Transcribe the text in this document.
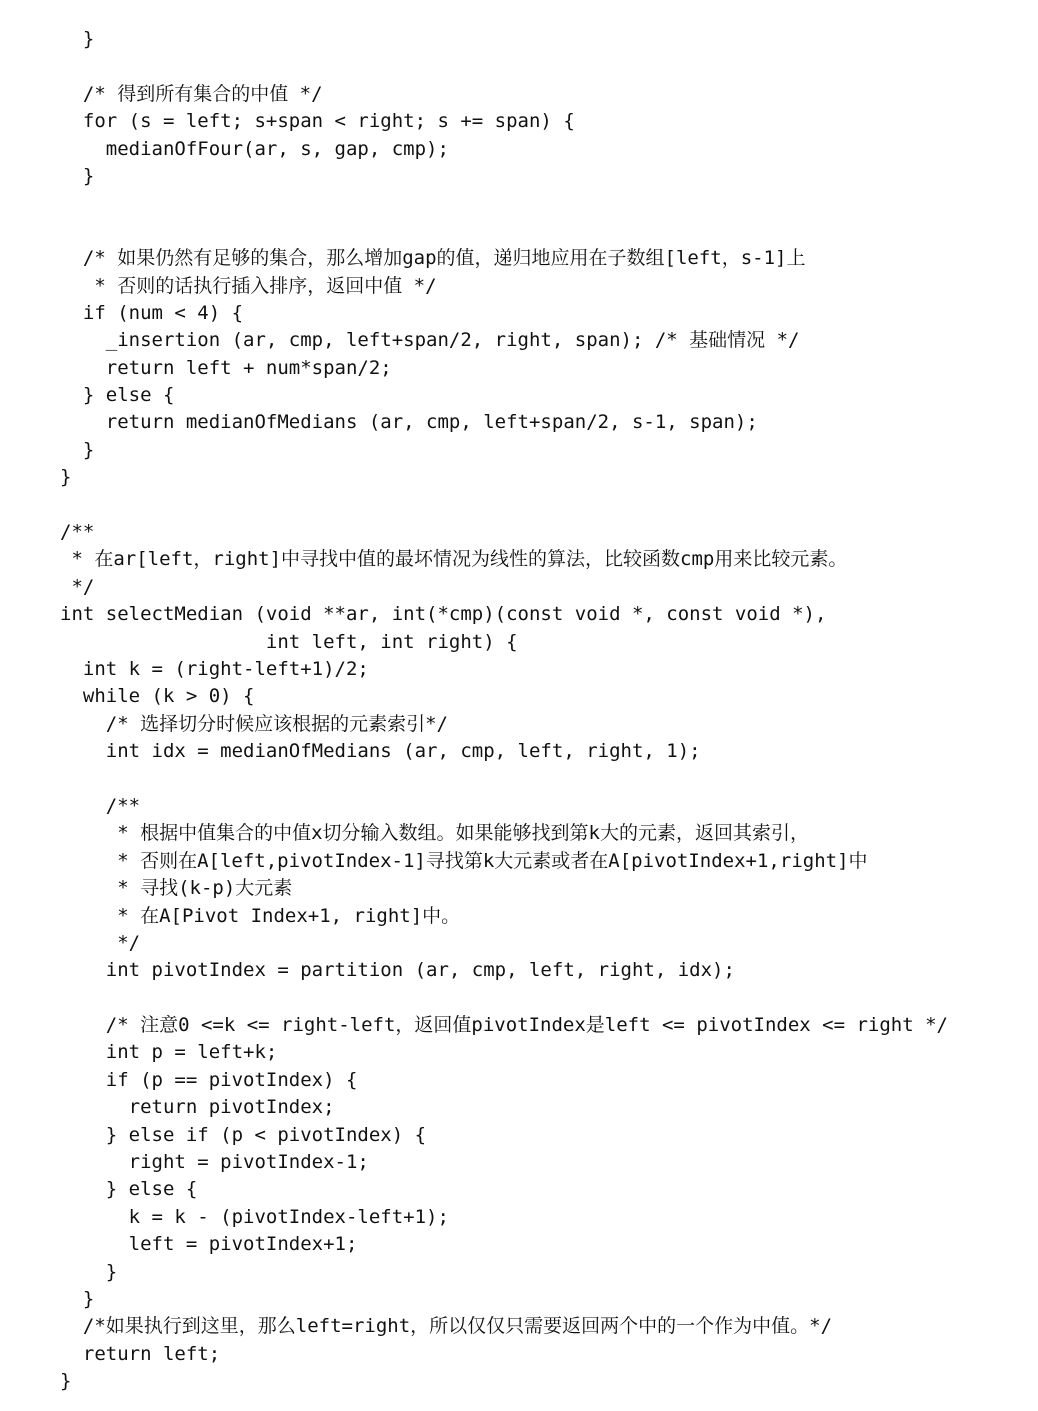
}
/* 得到所有集合的中值 */
for (s = left; s+span < right; s += span) {
medianOfFour(ar, s, gap, cmp);
}
/* 如果仍然有足够的集合，那么增加gap的值，递归地应用在子数组[left，s-1]上
* 否则的话执行插入排序，返回中值 */
if (num < 4) {
_insertion (ar, cmp, left+span/2, right, span); /* 基础情况 */
return left + num*span/2;
} else {
return medianOfMedians (ar, cmp, left+span/2, s-1, span);
}
}
/**
* 在ar[left，right]中寻找中值的最坏情况为线性的算法，比较函数cmp用来比较元素。
*/
int selectMedian (void **ar, int(*cmp)(const void *, const void *),
int left, int right) {
int k = (right-left+1)/2;
while (k > 0) {
/* 选择切分时候应该根据的元素索引*/
int idx = medianOfMedians (ar, cmp, left, right, 1);
/**
* 根据中值集合的中值x切分输入数组。如果能够找到第k大的元素，返回其索引，
* 否则在A[left,pivotIndex-1]寻找第k大元素或者在A[pivotIndex+1,right]中
* 寻找(k-p)大元素
* 在A[Pivot Index+1, right]中。
*/
int pivotIndex = partition (ar, cmp, left, right, idx);
/* 注意0 <=k <= right-left，返回值pivotIndex是left <= pivotIndex <= right */
int p = left+k;
if (p == pivotIndex) {
return pivotIndex;
} else if (p < pivotIndex) {
right = pivotIndex-1;
} else {
k = k - (pivotIndex-left+1);
left = pivotIndex+1;
}
}
/*如果执行到这里，那么left=right，所以仅仅只需要返回两个中的一个作为中值。*/
return left;
}
